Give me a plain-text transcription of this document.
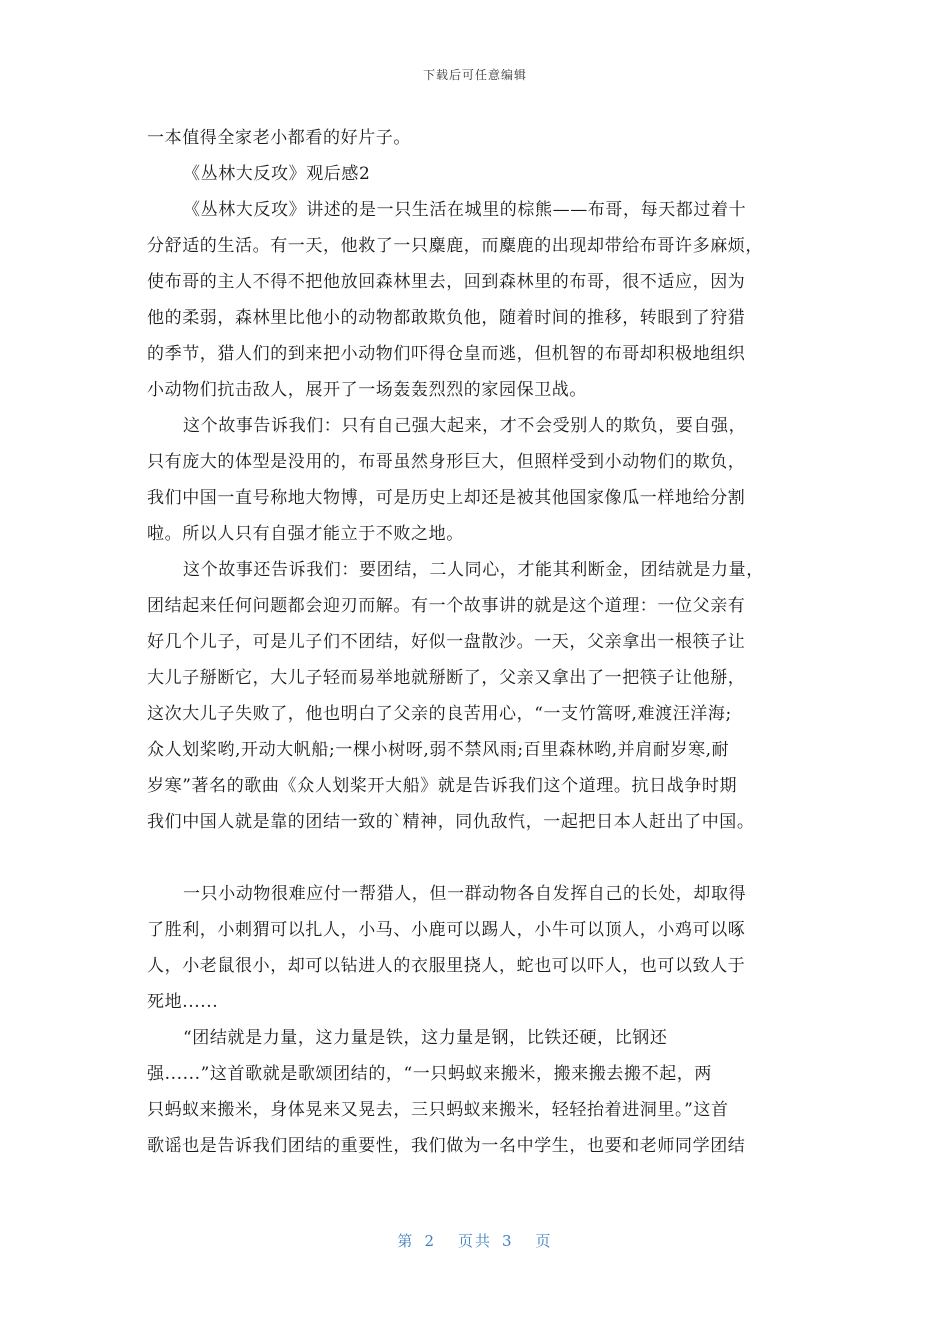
下载后可任意编辑
一本值得全家老小都看的好片子。
《丛林大反攻》观后感2
《丛林大反攻》讲述的是一只生活在城里的棕熊——布哥，每天都过着十
分舒适的生活。有一天，他救了一只麋鹿，而麋鹿的出现却带给布哥许多麻烦，
使布哥的主人不得不把他放回森林里去，回到森林里的布哥，很不适应，因为
他的柔弱，森林里比他小的动物都敢欺负他，随着时间的推移，转眼到了狩猎
的季节，猎人们的到来把小动物们吓得仓皇而逃，但机智的布哥却积极地组织
小动物们抗击敌人，展开了一场轰轰烈烈的家园保卫战。
这个故事告诉我们：只有自己强大起来，才不会受别人的欺负，要自强，
只有庞大的体型是没用的，布哥虽然身形巨大，但照样受到小动物们的欺负，
我们中国一直号称地大物博，可是历史上却还是被其他国家像瓜一样地给分割
啦。所以人只有自强才能立于不败之地。
这个故事还告诉我们：要团结，二人同心，才能其利断金，团结就是力量，
团结起来任何问题都会迎刃而解。有一个故事讲的就是这个道理：一位父亲有
好几个儿子，可是儿子们不团结，好似一盘散沙。一天，父亲拿出一根筷子让
大儿子掰断它，大儿子轻而易举地就掰断了，父亲又拿出了一把筷子让他掰，
这次大儿子失败了，他也明白了父亲的良苦用心，“一支竹篙呀,难渡汪洋海;
众人划桨哟,开动大帆船;一棵小树呀,弱不禁风雨;百里森林哟,并肩耐岁寒,耐
岁寒”著名的歌曲《众人划桨开大船》就是告诉我们这个道理。抗日战争时期
我们中国人就是靠的团结一致的`精神，同仇敌忾，一起把日本人赶出了中国。
一只小动物很难应付一帮猎人，但一群动物各自发挥自己的长处，却取得
了胜利，小刺猬可以扎人，小马、小鹿可以踢人，小牛可以顶人，小鸡可以啄
人，小老鼠很小，却可以钻进人的衣服里挠人，蛇也可以吓人，也可以致人于
死地......
“团结就是力量，这力量是铁，这力量是钢，比铁还硬，比钢还
强......”这首歌就是歌颂团结的，“一只蚂蚁来搬米，搬来搬去搬不起，两
只蚂蚁来搬米，身体晃来又晃去，三只蚂蚁来搬米，轻轻抬着进洞里。”这首
歌谣也是告诉我们团结的重要性，我们做为一名中学生，也要和老师同学团结
第 2 页共 3 页
